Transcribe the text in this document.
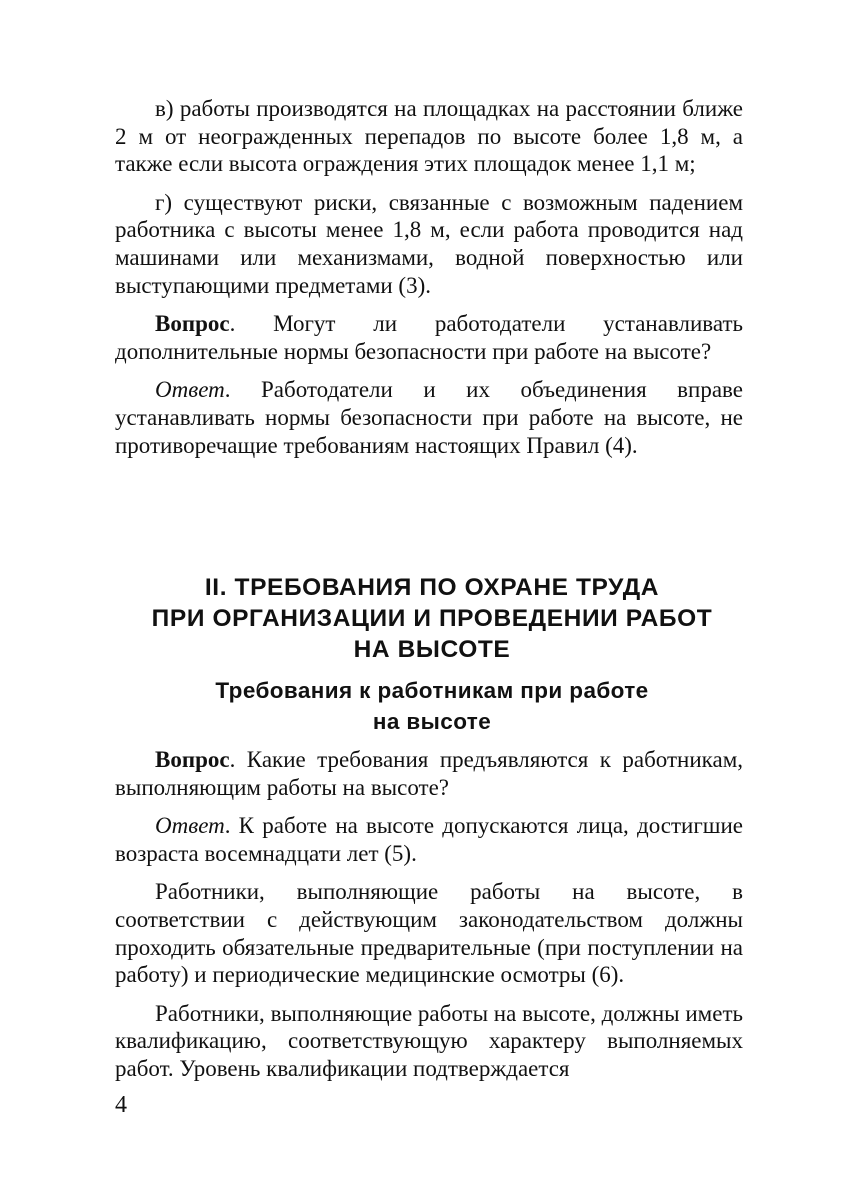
в) работы производятся на площадках на расстоянии ближе 2 м от неогражденных перепадов по высоте более 1,8 м, а также если высота ограждения этих площадок менее 1,1 м;

г) существуют риски, связанные с возможным падением работника с высоты менее 1,8 м, если работа проводится над машинами или механизмами, водной поверхностью или выступающими предметами (3).

Вопрос. Могут ли работодатели устанавливать дополнительные нормы безопасности при работе на высоте?

Ответ. Работодатели и их объединения вправе устанавливать нормы безопасности при работе на высоте, не противоречащие требованиям настоящих Правил (4).

II. ТРЕБОВАНИЯ ПО ОХРАНЕ ТРУДА
ПРИ ОРГАНИЗАЦИИ И ПРОВЕДЕНИИ РАБОТ
НА ВЫСОТЕ
Требования к работникам при работе
на высоте

Вопрос. Какие требования предъявляются к работникам, выполняющим работы на высоте?

Ответ. К работе на высоте допускаются лица, достигшие возраста восемнадцати лет (5).

Работники, выполняющие работы на высоте, в соответствии с действующим законодательством должны проходить обязательные предварительные (при поступлении на работу) и периодические медицинские осмотры (6).

Работники, выполняющие работы на высоте, должны иметь квалификацию, соответствующую характеру выполняемых работ. Уровень квалификации подтверждается

4
